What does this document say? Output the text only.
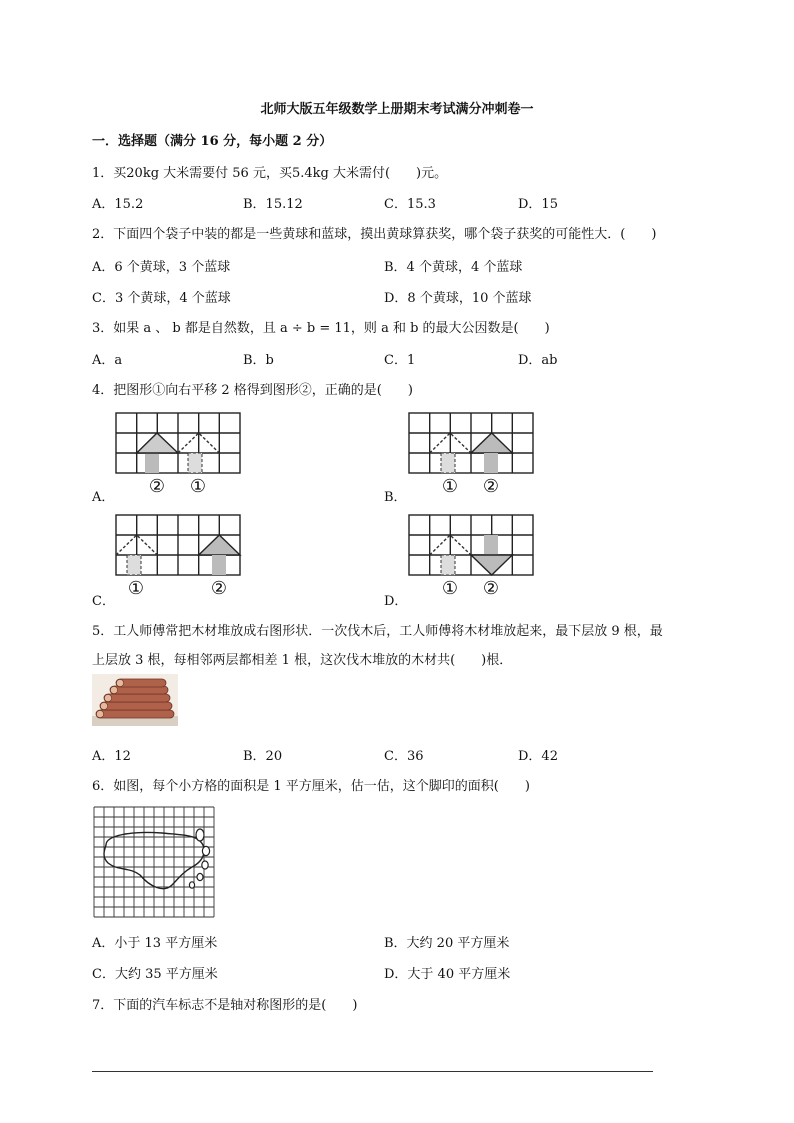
北师大版五年级数学上册期末考试满分冲刺卷一
一．选择题（满分 16 分，每小题 2 分）
1．买20kg 大米需要付 56 元，买5.4kg 大米需付(　　)元。
A．15.2	B．15.12	C．15.3	D．15
2．下面四个袋子中装的都是一些黄球和蓝球，摸出黄球算获奖，哪个袋子获奖的可能性大．(　　)
A．6 个黄球，3 个蓝球	B．4 个黄球，4 个蓝球
C．3 个黄球，4 个蓝球	D．8 个黄球，10 个蓝球
3．如果 a 、 b 都是自然数，且 a ÷ b = 11，则 a 和 b 的最大公因数是(　　)
A．a	B．b	C．1	D．ab
4．把图形①向右平移 2 格得到图形②，正确的是(　　)
② ①
A．
① ②
B．
①	②
C．
① ②
D．
5．工人师傅常把木材堆放成右图形状．一次伐木后，工人师傅将木材堆放起来，最下层放 9 根，最
上层放 3 根，每相邻两层都相差 1 根，这次伐木堆放的木材共(　　)根．
A．12	B．20	C．36	D．42
6．如图，每个小方格的面积是 1 平方厘米，估一估，这个脚印的面积(　　)
A．小于 13 平方厘米	B．大约 20 平方厘米
C．大约 35 平方厘米	D．大于 40 平方厘米
7．下面的汽车标志不是轴对称图形的是(　　)
